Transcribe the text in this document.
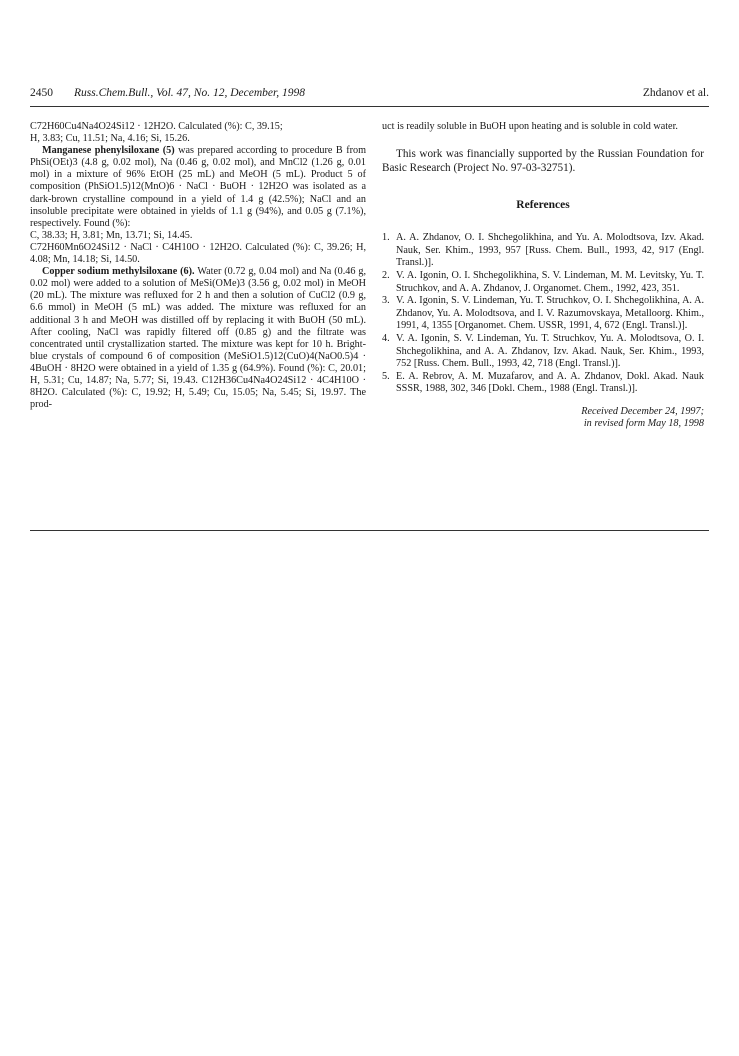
2450 Russ.Chem.Bull., Vol. 47, No. 12, December, 1998	Zhdanov et al.

C72H60Cu4Na4O24Si12 · 12H2O. Calculated (%): C, 39.15;

H, 3.83; Cu, 11.51; Na, 4.16; Si, 15.26.

Manganese phenylsiloxane (5) was prepared according to procedure B from PhSi(OEt)3 (4.8 g, 0.02 mol), Na (0.46 g, 0.02 mol), and MnCl2 (1.26 g, 0.01 mol) in a mixture of 96% EtOH (25 mL) and MeOH (5 mL). Product 5 of composition (PhSiO1.5)12(MnO)6 · NaCl · BuOH · 12H2O was isolated as a dark-brown crystalline compound in a yield of 1.4 g (42.5%); NaCl and an insoluble precipitate were obtained in yields of 1.1 g (94%), and 0.05 g (7.1%), respectively. Found (%):

C, 38.33; H, 3.81; Mn, 13.71; Si, 14.45.

C72H60Mn6O24Si12 · NaCl · C4H10O · 12H2O. Calculated (%): C, 39.26; H, 4.08; Mn, 14.18; Si, 14.50.

Copper sodium methylsiloxane (6). Water (0.72 g, 0.04 mol) and Na (0.46 g, 0.02 mol) were added to a solution of MeSi(OMe)3 (3.56 g, 0.02 mol) in MeOH (20 mL). The mixture was refluxed for 2 h and then a solution of CuCl2 (0.9 g, 6.6 mmol) in MeOH (5 mL) was added. The mixture was refluxed for an additional 3 h and MeOH was distilled off by replacing it with BuOH (50 mL). After cooling, NaCl was rapidly filtered off (0.85 g) and the filtrate was concentrated until crystallization started. The mixture was kept for 10 h. Bright-blue crystals of compound 6 of composition (MeSiO1.5)12(CuO)4(NaO0.5)4 · 4BuOH · 8H2O were obtained in a yield of 1.35 g (64.9%). Found (%): C, 20.01; H, 5.31; Cu, 14.87; Na, 5.77; Si, 19.43. C12H36Cu4Na4O24Si12 · 4C4H10O · 8H2O. Calculated (%): C, 19.92; H, 5.49; Cu, 15.05; Na, 5.45; Si, 19.97. The prod-

uct is readily soluble in BuOH upon heating and is soluble in cold water.

This work was financially supported by the Russian Foundation for Basic Research (Project No. 97-03-32751).

References
1. A. A. Zhdanov, O. I. Shchegolikhina, and Yu. A. Molodtsova, Izv. Akad. Nauk, Ser. Khim., 1993, 957 [Russ. Chem. Bull., 1993, 42, 917 (Engl. Transl.)].
2. V. A. Igonin, O. I. Shchegolikhina, S. V. Lindeman, M. M. Levitsky, Yu. T. Struchkov, and A. A. Zhdanov, J. Organomet. Chem., 1992, 423, 351.
3. V. A. Igonin, S. V. Lindeman, Yu. T. Struchkov, O. I. Shchegolikhina, A. A. Zhdanov, Yu. A. Molodtsova, and I. V. Razumovskaya, Metalloorg. Khim., 1991, 4, 1355 [Organomet. Chem. USSR, 1991, 4, 672 (Engl. Transl.)].
4. V. A. Igonin, S. V. Lindeman, Yu. T. Struchkov, Yu. A. Molodtsova, O. I. Shchegolikhina, and A. A. Zhdanov, Izv. Akad. Nauk, Ser. Khim., 1993, 752 [Russ. Chem. Bull., 1993, 42, 718 (Engl. Transl.)].
5. E. A. Rebrov, A. M. Muzafarov, and A. A. Zhdanov, Dokl. Akad. Nauk SSSR, 1988, 302, 346 [Dokl. Chem., 1988 (Engl. Transl.)].
Received December 24, 1997;
in revised form May 18, 1998
